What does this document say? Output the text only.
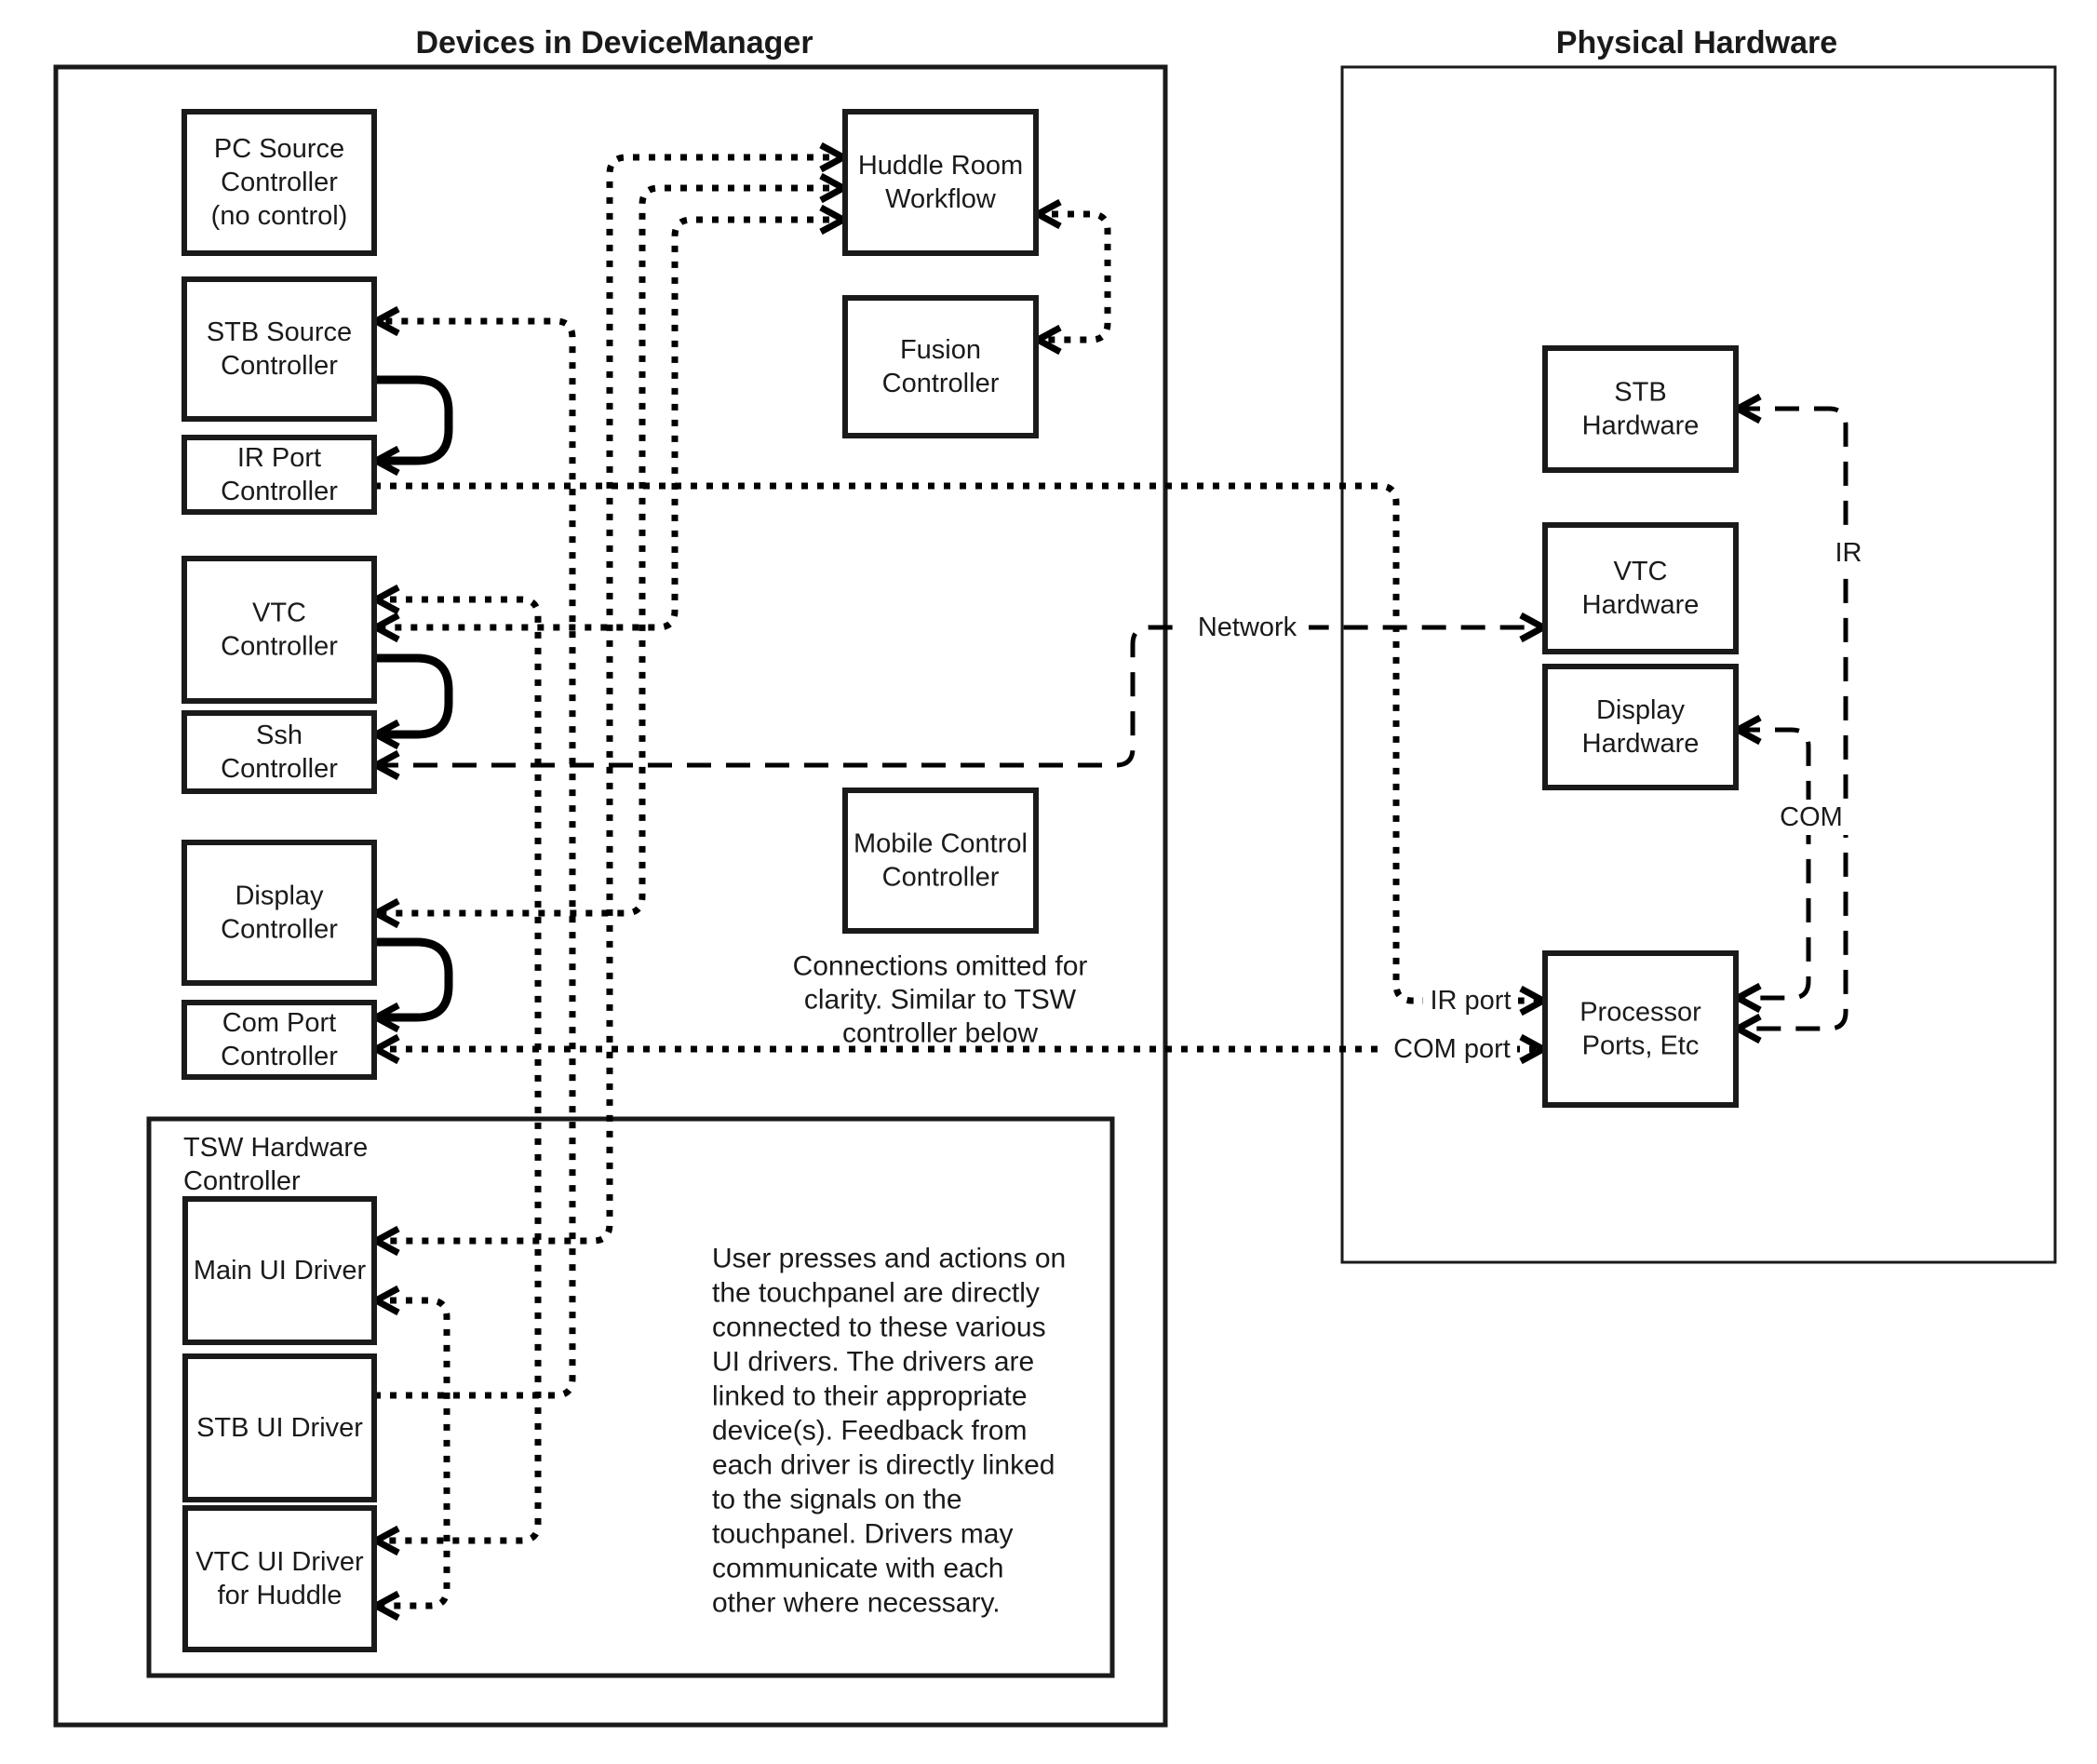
TSW Hardware Controller
IR port
COM port
Network
IR
COM
PC Source Controller (no control)
STB Source Controller
IR Port Controller
VTC Controller
Ssh Controller
Display Controller
Com Port Controller
Huddle Room Workflow
Fusion Controller
Mobile Control Controller
Main UI Driver
STB UI Driver
VTC UI Driver for Huddle
STB Hardware
VTC Hardware
Display Hardware
Processor Ports, Etc
Devices in DeviceManager	Physical Hardware
Connections omitted for clarity. Similar to TSW controller below
User presses and actions on the touchpanel are directly connected to these various UI drivers. The drivers are linked to their appropriate device(s). Feedback from each driver is directly linked to the signals on the touchpanel. Drivers may communicate with each other where necessary.
